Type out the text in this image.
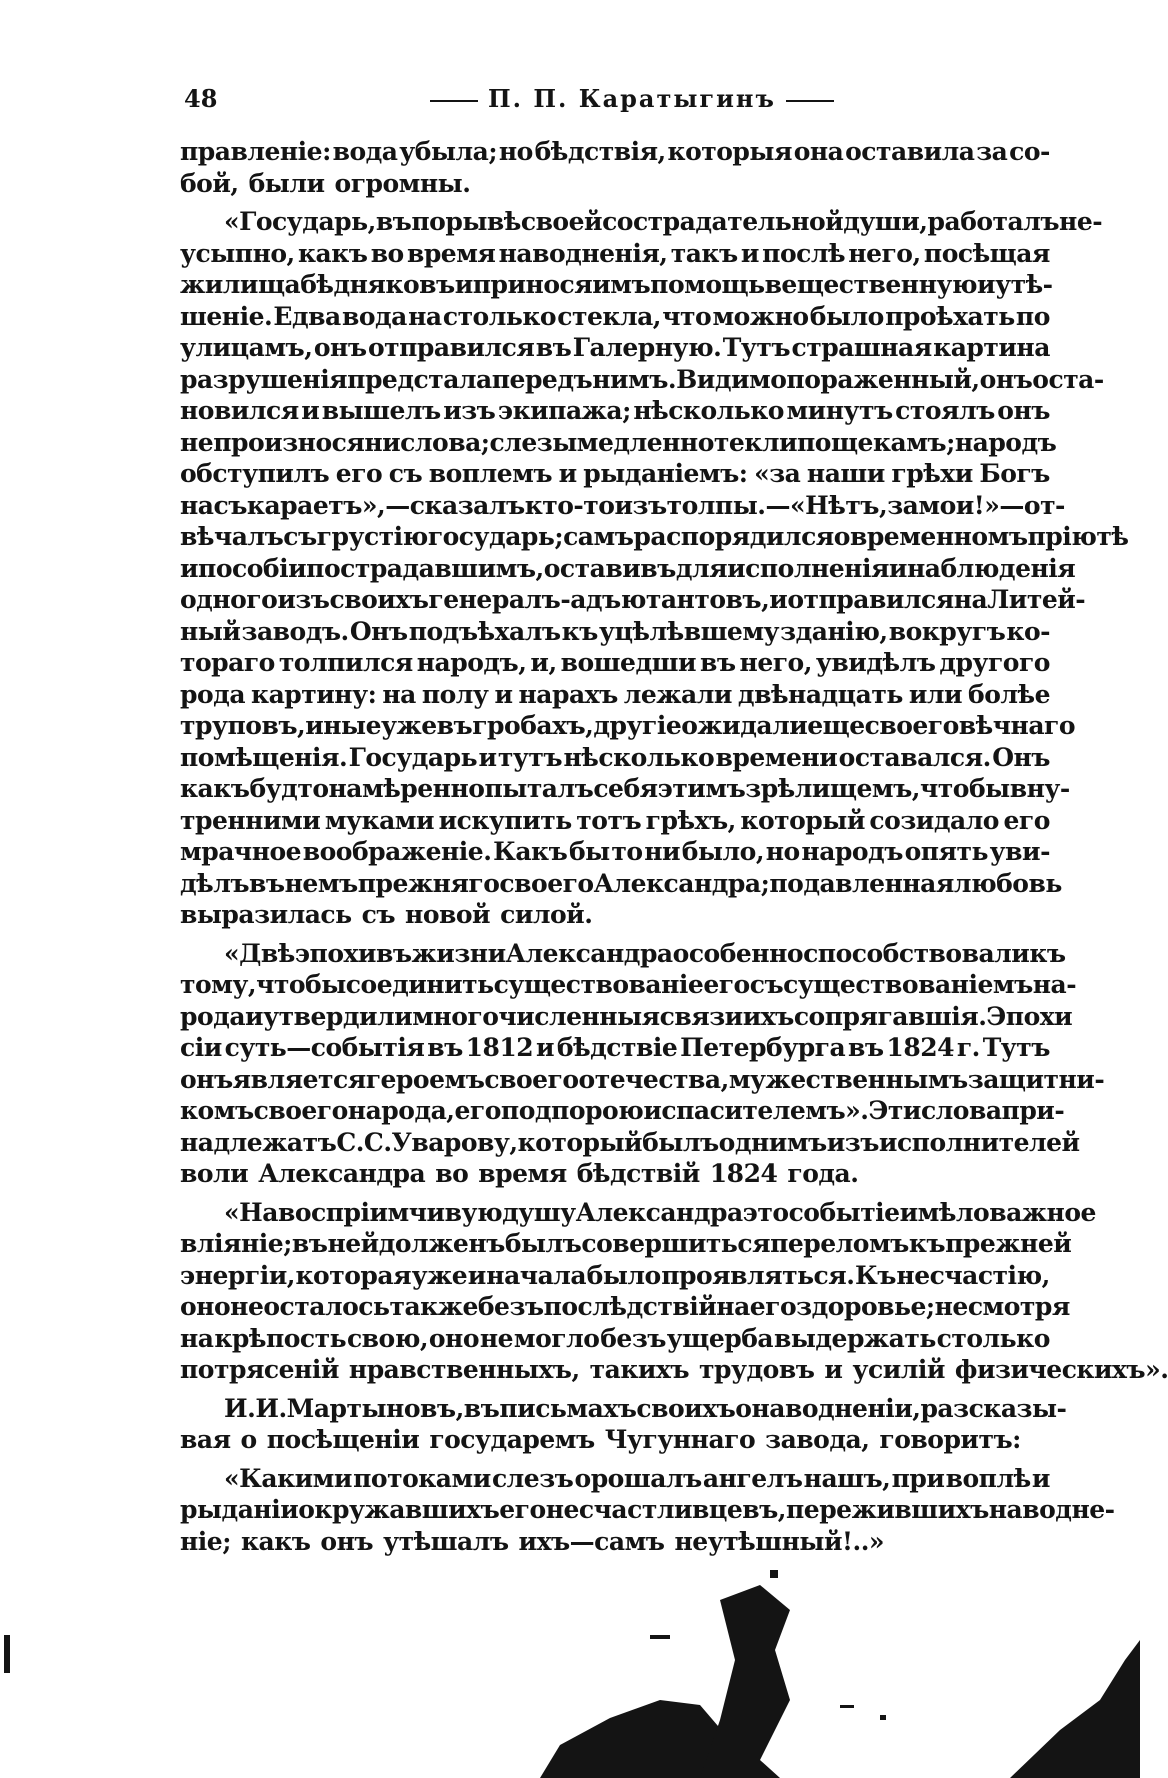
48	П. П. Каратыгинъ
правленіе: вода убыла; но бѣдствія, которыя она оставила за со-
бой, были огромны.
«Государь, въ порывѣ своей сострадательной души, работалъ не-
усыпно, какъ во время наводненія, такъ и послѣ него, посѣщая
жилища бѣдняковъ и принося имъ помощь вещественную и утѣ-
шеніе. Едва вода на столько стекла, что можно было проѣхать по
улицамъ, онъ отправился въ Галерную. Тутъ страшная картина
разрушенія предстала передъ нимъ. Видимо пораженный, онъ оста-
новился и вышелъ изъ экипажа; нѣсколько минутъ стоялъ онъ
непроизнося ни слова; слезы медленно текли по щекамъ; народъ
обступилъ его съ воплемъ и рыданіемъ: «за наши грѣхи Богъ
насъ караетъ»,—сказалъ кто-то изъ толпы.—«Нѣтъ, за мои!»—от-
вѣчалъ съ грустію государь; самъ распорядился о временномъ пріютѣ
и пособіи пострадавшимъ, оставивъ для исполненія и наблюденія
одного изъ своихъ генералъ-адъютантовъ, и отправился на Литей-
ный заводъ. Онъ подъѣхалъ къ уцѣлѣвшему зданію, вокругъ ко-
тораго толпился народъ, и, вошедши въ него, увидѣлъ другого
рода картину: на полу и нарахъ лежали двѣнадцать или болѣе
труповъ, иные уже въ гробахъ, другіе ожидали еще своего вѣчнаго
помѣщенія. Государь и тутъ нѣсколько времени оставался. Онъ
какъ будто намѣренно пыталъ себя этимъ зрѣлищемъ, чтобы вну-
тренними муками искупить тотъ грѣхъ, который созидало его
мрачное воображеніе. Какъ бы то ни было, но народъ опять уви-
дѣлъ въ немъ прежняго своего Александра; подавленная любовь
выразилась съ новой силой.
«Двѣ эпохи въ жизни Александра особенно способствовали къ
тому, чтобы соединить существованіе его съ существованіемъ на-
рода и утвердили многочисленныя связи ихъ сопрягавшія. Эпохи
сіи суть—событія въ 1812 и бѣдствіе Петербурга въ 1824 г. Тутъ
онъ является героемъ своего отечества, мужественнымъ защитни-
комъ своего народа, его подпорою и спасителемъ». Эти слова при-
надлежатъ С. С. Уварову, который былъ однимъ изъ исполнителей
воли Александра во время бѣдствій 1824 года.
«На воспріимчивую душу Александра это событіе имѣло важное
вліяніе; въ ней долженъ былъ совершиться переломъ къ прежней
энергіи, которая уже и начала было проявляться. Къ несчастію,
оно не осталось также безъ послѣдствій на его здоровье; не смотря
на крѣпость свою, оно не могло безъ ущерба выдержать столько
потрясеній нравственныхъ, такихъ трудовъ и усилій физическихъ».
И. И. Мартыновъ, въ письмахъ своихъ о наводненіи, разсказы-
вая о посѣщеніи государемъ Чугуннаго завода, говоритъ:
«Какими потоками слезъ орошалъ ангелъ нашъ, при воплѣ и
рыданіи окружавшихъ его несчастливцевъ, пережившихъ наводне-
ніе; какъ онъ утѣшалъ ихъ—самъ неутѣшный!..»
